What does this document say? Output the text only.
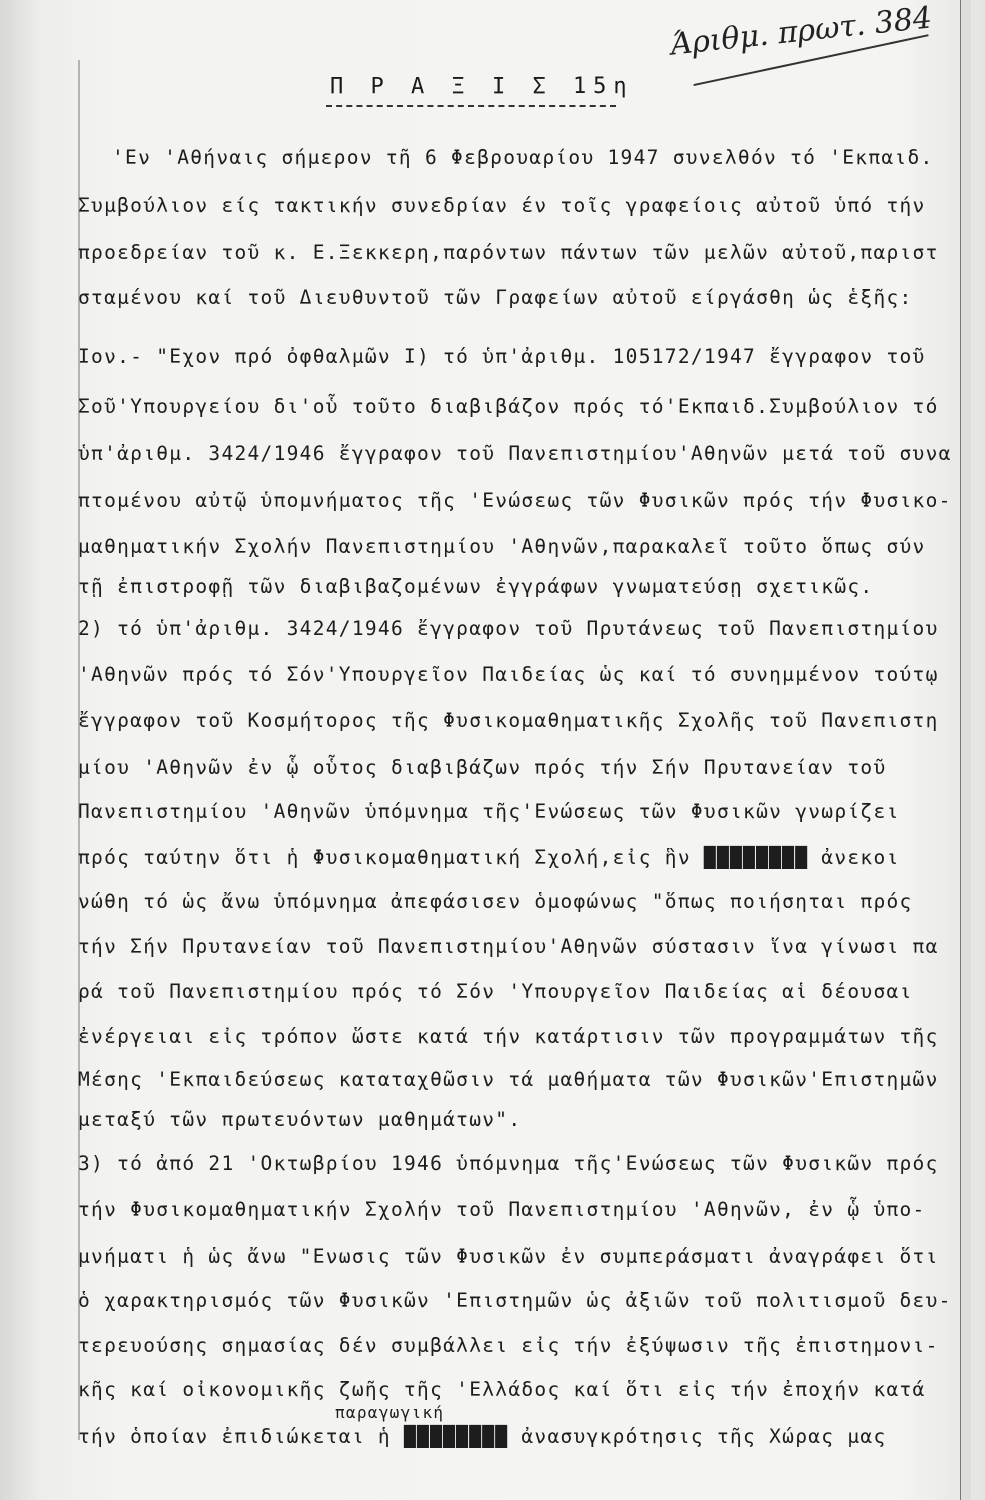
Άριθμ. πρωτ. 384
Π Ρ Α Ξ Ι Σ 15η
'Εν 'Αθήναις σήμερον τῆ 6 Φεβρουαρίου 1947 συνελθόν τό 'Εκπαιδ.
Συμβούλιον είς τακτικήν συνεδρίαν έν τοῖς γραφείοις αὐτοῦ ὑπό τήν
προεδρείαν τοῦ κ. Ε.Ξεκκερη,παρόντων πάντων τῶν μελῶν αὐτοῦ,παριστ
σταμένου καί τοῦ Διευθυντοῦ τῶν Γραφείων αὐτοῦ είργάσθη ὡς ἑξῆς:
Ιον.- "Εχον πρό ὀφθαλμῶν Ι) τό ὑπ'ἀριθμ. 105172/1947 ἔγγραφον τοῦ
Σοῦ'Υπουργείου δι'οὗ τοῦτο διαβιβάζον πρός τό'Εκπαιδ.Συμβούλιον τό
ὑπ'ἀριθμ. 3424/1946 ἔγγραφον τοῦ Πανεπιστημίου'Αθηνῶν μετά τοῦ συνα
πτομένου αὐτῷ ὑπομνήματος τῆς 'Ενώσεως τῶν Φυσικῶν πρός τήν Φυσικο-
μαθηματικήν Σχολήν Πανεπιστημίου 'Αθηνῶν,παρακαλεῖ τοῦτο ὅπως σύν
τῇ ἐπιστροφῇ τῶν διαβιβαζομένων ἐγγράφων γνωματεύσῃ σχετικῶς.
2) τό ὑπ'ἀριθμ. 3424/1946 ἔγγραφον τοῦ Πρυτάνεως τοῦ Πανεπιστημίου
'Αθηνῶν πρός τό Σόν'Υπουργεῖον Παιδείας ὡς καί τό συνημμένον τούτῳ
ἔγγραφον τοῦ Κοσμήτορος τῆς Φυσικομαθηματικῆς Σχολῆς τοῦ Πανεπιστη
μίου 'Αθηνῶν ἐν ᾧ οὗτος διαβιβάζων πρός τήν Σήν Πρυτανείαν τοῦ
Πανεπιστημίου 'Αθηνῶν ὑπόμνημα τῆς'Ενώσεως τῶν Φυσικῶν γνωρίζει
πρός ταύτην ὅτι ἡ Φυσικομαθηματική Σχολή,εἰς ἣν ████████ ἀνεκοι
νώθη τό ὡς ἄνω ὑπόμνημα ἀπεφάσισεν ὁμοφώνως "ὅπως ποιήσηται πρός
τήν Σήν Πρυτανείαν τοῦ Πανεπιστημίου'Αθηνῶν σύστασιν ἵνα γίνωσι πα
ρά τοῦ Πανεπιστημίου πρός τό Σόν 'Υπουργεῖον Παιδείας αἱ δέουσαι
ἐνέργειαι εἰς τρόπον ὥστε κατά τήν κατάρτισιν τῶν προγραμμάτων τῆς
Μέσης 'Εκπαιδεύσεως καταταχθῶσιν τά μαθήματα τῶν Φυσικῶν'Επιστημῶν
μεταξύ τῶν πρωτευόντων μαθημάτων".
3) τό ἀπό 21 'Οκτωβρίου 1946 ὑπόμνημα τῆς'Ενώσεως τῶν Φυσικῶν πρός
τήν Φυσικομαθηματικήν Σχολήν τοῦ Πανεπιστημίου 'Αθηνῶν, ἐν ᾧ ὑπο-
μνήματι ἡ ὡς ἄνω "Ενωσις τῶν Φυσικῶν ἐν συμπεράσματι ἀναγράφει ὅτι
ὁ χαρακτηρισμός τῶν Φυσικῶν 'Επιστημῶν ὡς ἀξιῶν τοῦ πολιτισμοῦ δευ-
τερευούσης σημασίας δέν συμβάλλει εἰς τήν ἐξύψωσιν τῆς ἐπιστημονι-
κῆς καί οἰκονομικῆς ζωῆς τῆς 'Ελλάδος καί ὅτι εἰς τήν ἐποχήν κατά
παραγωγική
τήν ὁποίαν ἐπιδιώκεται ἡ ████████ ἀνασυγκρότησις τῆς Χώρας μας
